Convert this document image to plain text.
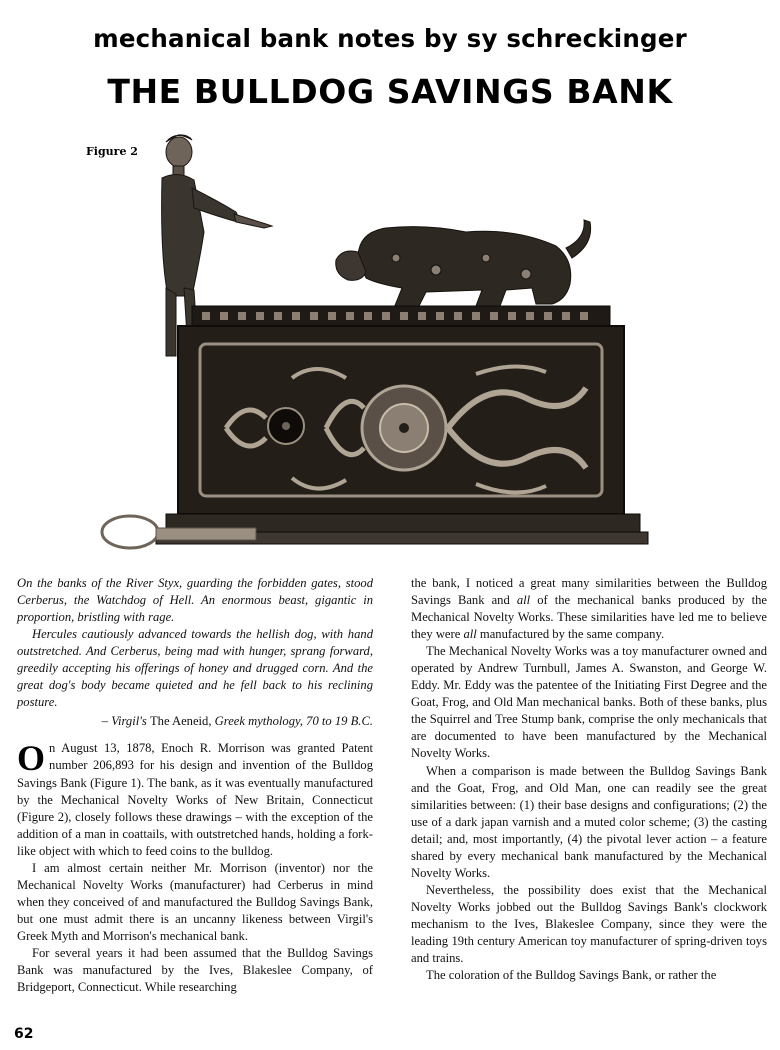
mechanical bank notes by sy schreckinger
THE BULLDOG SAVINGS BANK
Figure 2

On the banks of the River Styx, guarding the forbidden gates, stood Cerberus, the Watchdog of Hell. An enormous beast, gigantic in proportion, bristling with rage.

Hercules cautiously advanced towards the hellish dog, with hand outstretched. And Cerberus, being mad with hunger, sprang forward, greedily accepting his offerings of honey and drugged corn. And the great dog's body became quieted and he fell back to his reclining posture.

– Virgil's The Aeneid, Greek mythology, 70 to 19 B.C.

On August 13, 1878, Enoch R. Morrison was granted Patent number 206,893 for his design and invention of the Bulldog Savings Bank (Figure 1). The bank, as it was eventually manufactured by the Mechanical Novelty Works of New Britain, Connecticut (Figure 2), closely follows these drawings – with the exception of the addition of a man in coattails, with outstretched hands, holding a fork-like object with which to feed coins to the bulldog.

I am almost certain neither Mr. Morrison (inventor) nor the Mechanical Novelty Works (manufacturer) had Cerberus in mind when they conceived of and manufactured the Bulldog Savings Bank, but one must admit there is an uncanny likeness between Virgil's Greek Myth and Morrison's mechanical bank.

For several years it had been assumed that the Bulldog Savings Bank was manufactured by the Ives, Blakeslee Company, of Bridgeport, Connecticut. While researching

the bank, I noticed a great many similarities between the Bulldog Savings Bank and all of the mechanical banks produced by the Mechanical Novelty Works. These similarities have led me to believe they were all manufactured by the same company.

The Mechanical Novelty Works was a toy manufacturer owned and operated by Andrew Turnbull, James A. Swanston, and George W. Eddy. Mr. Eddy was the patentee of the Initiating First Degree and the Goat, Frog, and Old Man mechanical banks. Both of these banks, plus the Squirrel and Tree Stump bank, comprise the only mechanicals that are documented to have been manufactured by the Mechanical Novelty Works.

When a comparison is made between the Bulldog Savings Bank and the Goat, Frog, and Old Man, one can readily see the great similarities between: (1) their base designs and configurations; (2) the use of a dark japan varnish and a muted color scheme; (3) the casting detail; and, most importantly, (4) the pivotal lever action – a feature shared by every mechanical bank manufactured by the Mechanical Novelty Works.

Nevertheless, the possibility does exist that the Mechanical Novelty Works jobbed out the Bulldog Savings Bank's clockwork mechanism to the Ives, Blakeslee Company, since they were the leading 19th century American toy manufacturer of spring-driven toys and trains.

The coloration of the Bulldog Savings Bank, or rather the

62
